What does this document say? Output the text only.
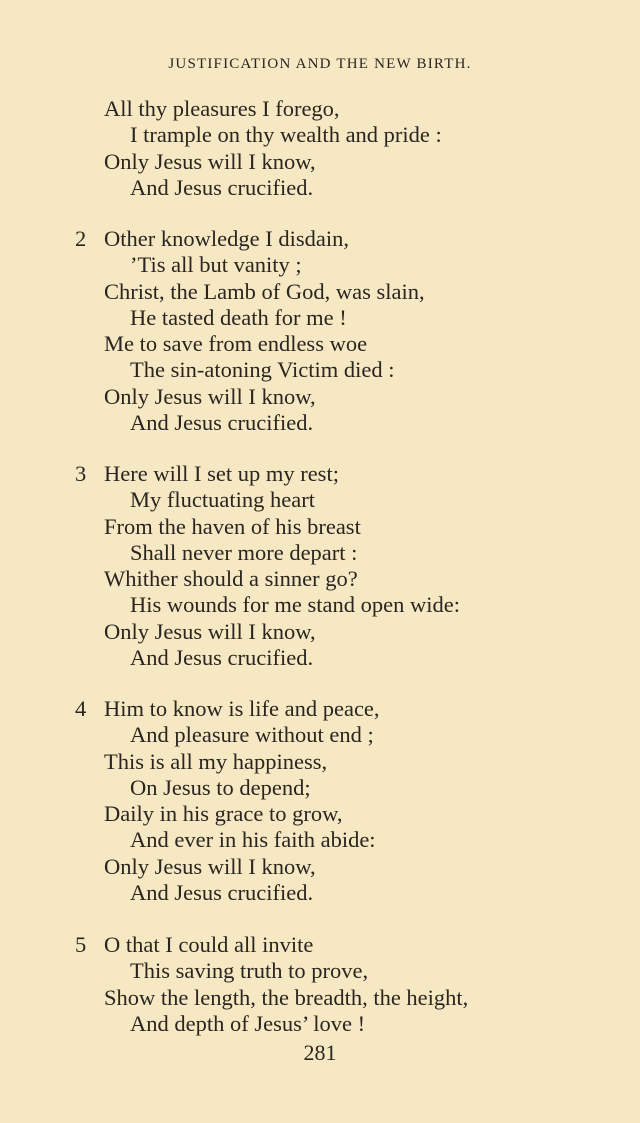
JUSTIFICATION AND THE NEW BIRTH.
All thy pleasures I forego,
I trample on thy wealth and pride :
Only Jesus will I know,
And Jesus crucified.
2 Other knowledge I disdain,
’Tis all but vanity ;
Christ, the Lamb of God, was slain,
He tasted death for me !
Me to save from endless woe
The sin-atoning Victim died :
Only Jesus will I know,
And Jesus crucified.
3 Here will I set up my rest;
My fluctuating heart
From the haven of his breast
Shall never more depart :
Whither should a sinner go?
His wounds for me stand open wide:
Only Jesus will I know,
And Jesus crucified.
4 Him to know is life and peace,
And pleasure without end ;
This is all my happiness,
On Jesus to depend;
Daily in his grace to grow,
And ever in his faith abide:
Only Jesus will I know,
And Jesus crucified.
5 O that I could all invite
This saving truth to prove,
Show the length, the breadth, the height,
And depth of Jesus’ love !
281
